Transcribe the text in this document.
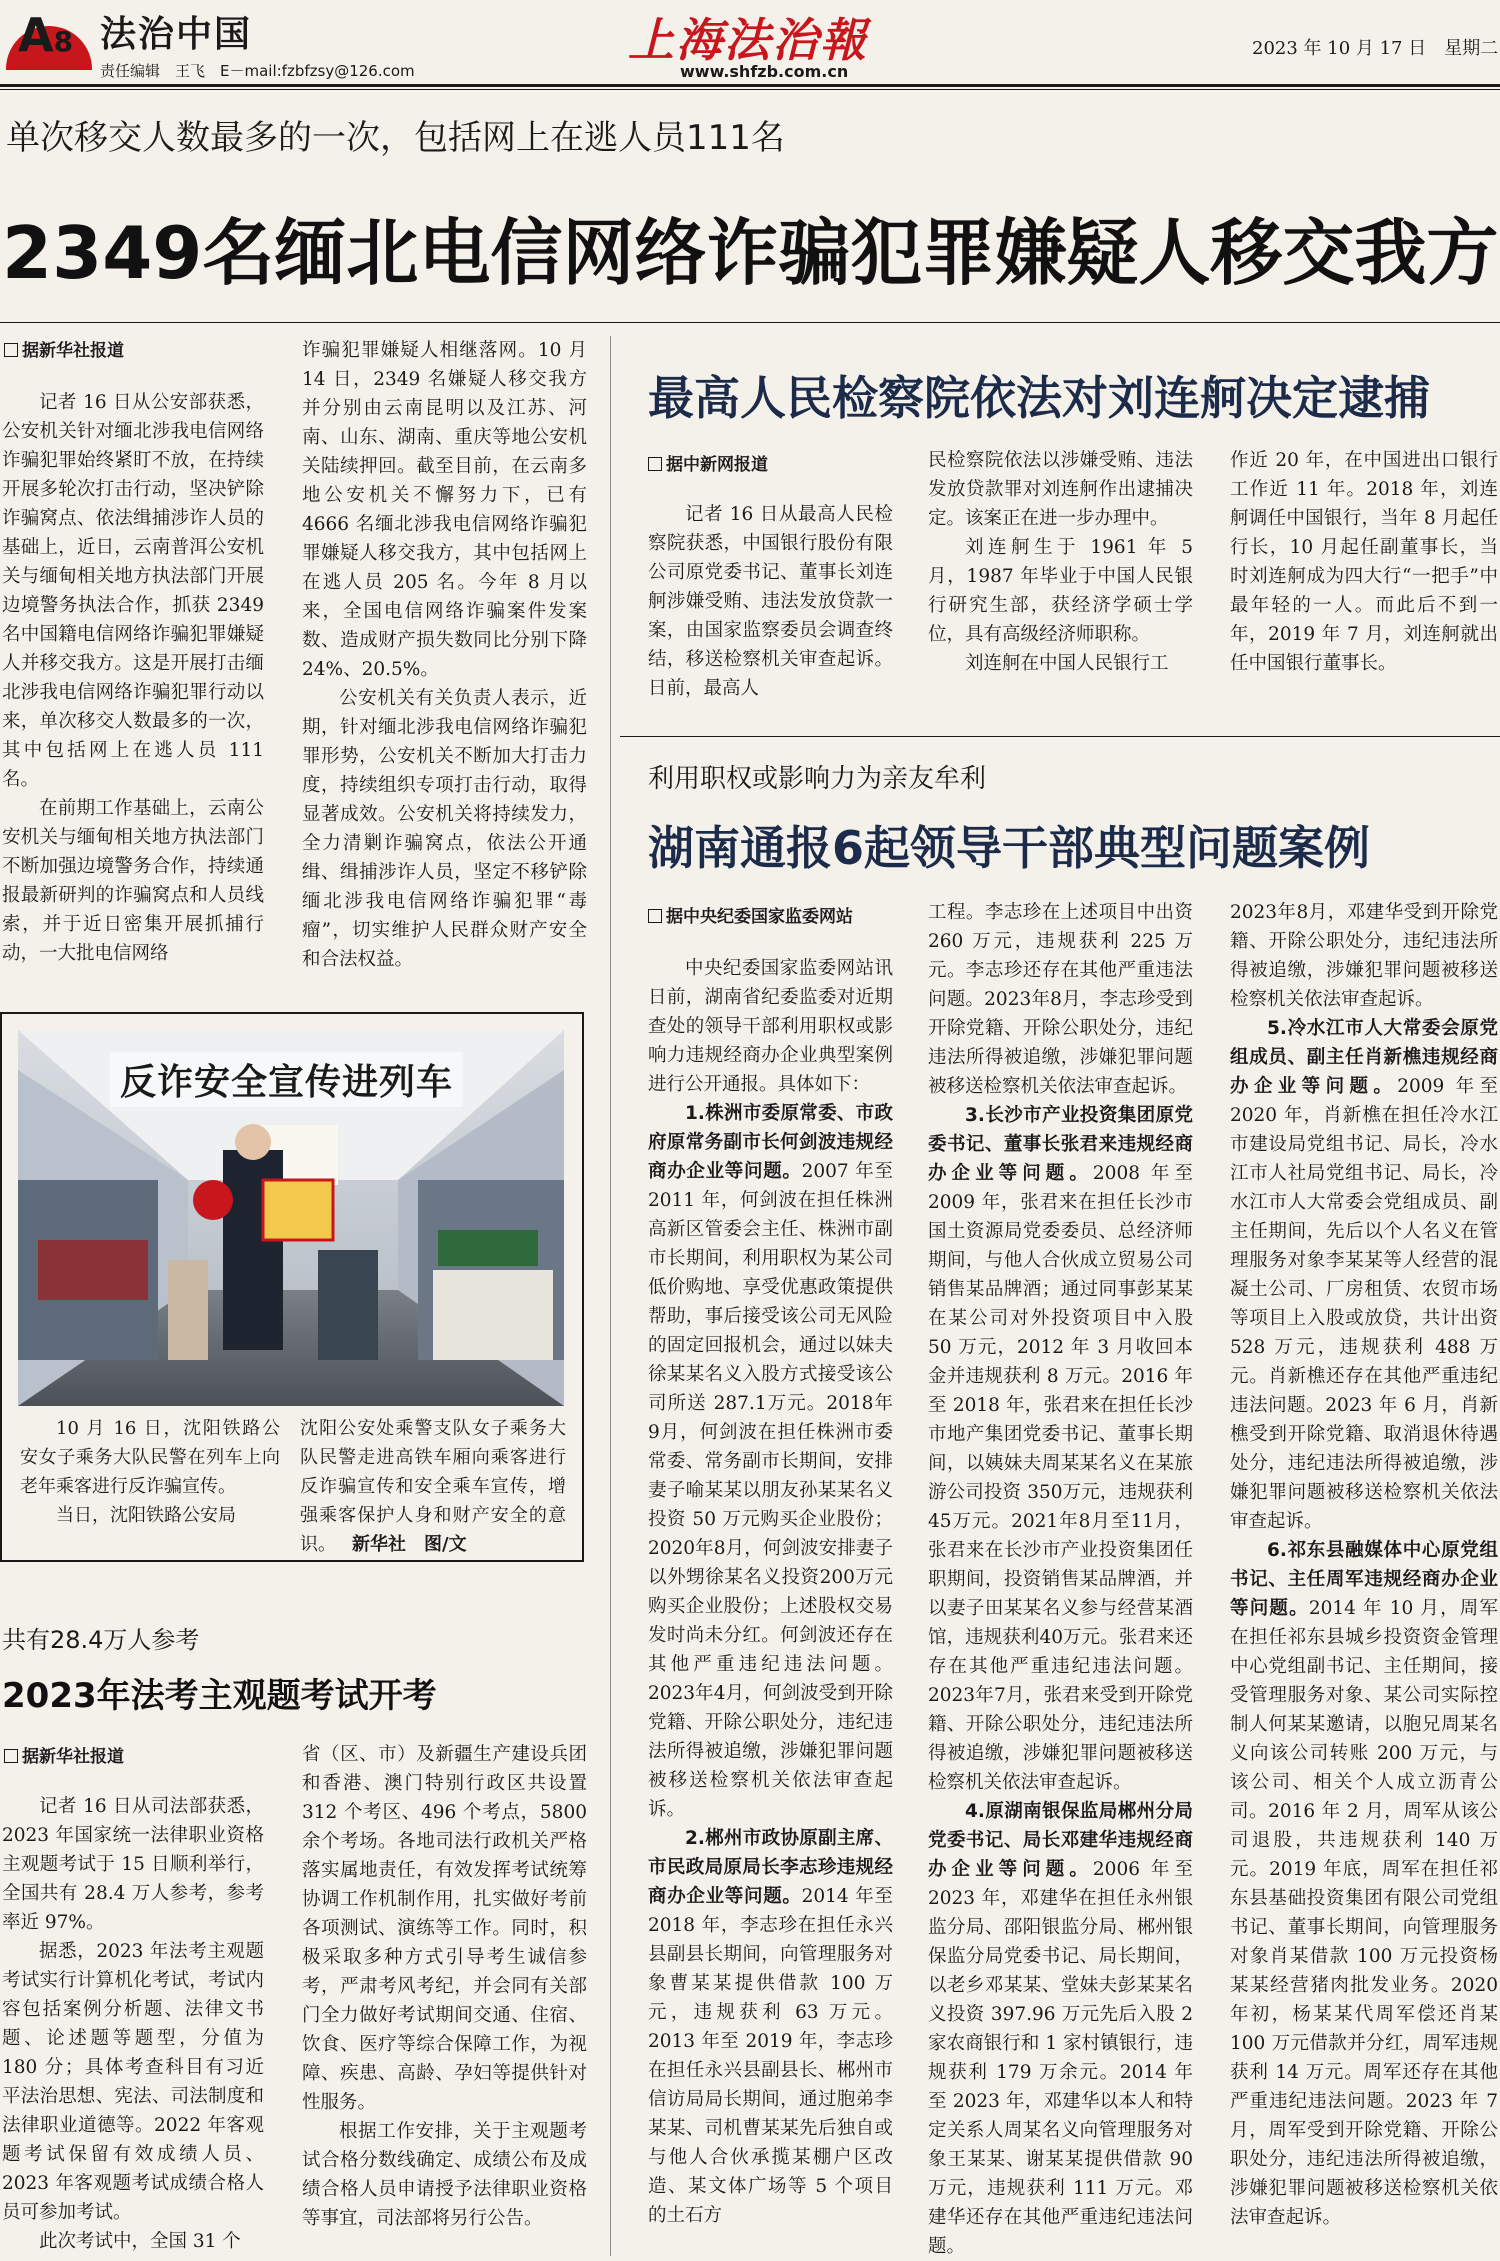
A8 法治中国
责任编辑　王飞　E－mail:fzbfzsy@126.com
上海法治報
www.shfzb.com.cn
2023 年 10 月 17 日　星期二
单次移交人数最多的一次，包括网上在逃人员111名
2349名缅北电信网络诈骗犯罪嫌疑人移交我方
据新华社报道

记者 16 日从公安部获悉，公安机关针对缅北涉我电信网络诈骗犯罪始终紧盯不放，在持续开展多轮次打击行动，坚决铲除诈骗窝点、依法缉捕涉诈人员的基础上，近日，云南普洱公安机关与缅甸相关地方执法部门开展边境警务执法合作，抓获 2349 名中国籍电信网络诈骗犯罪嫌疑人并移交我方。这是开展打击缅北涉我电信网络诈骗犯罪行动以来，单次移交人数最多的一次，其中包括网上在逃人员 111 名。

在前期工作基础上，云南公安机关与缅甸相关地方执法部门不断加强边境警务合作，持续通报最新研判的诈骗窝点和人员线索，并于近日密集开展抓捕行动，一大批电信网络

诈骗犯罪嫌疑人相继落网。10 月 14 日，2349 名嫌疑人移交我方并分别由云南昆明以及江苏、河南、山东、湖南、重庆等地公安机关陆续押回。截至目前，在云南多地公安机关不懈努力下，已有 4666 名缅北涉我电信网络诈骗犯罪嫌疑人移交我方，其中包括网上在逃人员 205 名。今年 8 月以来，全国电信网络诈骗案件发案数、造成财产损失数同比分别下降 24%、20.5%。

公安机关有关负责人表示，近期，针对缅北涉我电信网络诈骗犯罪形势，公安机关不断加大打击力度，持续组织专项打击行动，取得显著成效。公安机关将持续发力，全力清剿诈骗窝点，依法公开通缉、缉捕涉诈人员，坚定不移铲除缅北涉我电信网络诈骗犯罪“毒瘤”，切实维护人民群众财产安全和合法权益。

最高人民检察院依法对刘连舸决定逮捕
据中新网报道

记者 16 日从最高人民检察院获悉，中国银行股份有限公司原党委书记、董事长刘连舸涉嫌受贿、违法发放贷款一案，由国家监察委员会调查终结，移送检察机关审查起诉。日前，最高人

民检察院依法以涉嫌受贿、违法发放贷款罪对刘连舸作出逮捕决定。该案正在进一步办理中。

刘连舸生于 1961 年 5 月，1987 年毕业于中国人民银行研究生部，获经济学硕士学位，具有高级经济师职称。

刘连舸在中国人民银行工

作近 20 年，在中国进出口银行工作近 11 年。2018 年，刘连舸调任中国银行，当年 8 月起任行长，10 月起任副董事长，当时刘连舸成为四大行“一把手”中最年轻的一人。而此后不到一年，2019 年 7 月，刘连舸就出任中国银行董事长。

利用职权或影响力为亲友牟利
湖南通报6起领导干部典型问题案例
据中央纪委国家监委网站

中央纪委国家监委网站讯　日前，湖南省纪委监委对近期查处的领导干部利用职权或影响力违规经商办企业典型案例进行公开通报。具体如下：

1.株洲市委原常委、市政府原常务副市长何剑波违规经商办企业等问题。2007 年至 2011 年，何剑波在担任株洲高新区管委会主任、株洲市副市长期间，利用职权为某公司低价购地、享受优惠政策提供帮助，事后接受该公司无风险的固定回报机会，通过以妹夫徐某某名义入股方式接受该公司所送 287.1万元。2018年9月，何剑波在担任株洲市委常委、常务副市长期间，安排妻子喻某某以朋友孙某某名义投资 50 万元购买企业股份；2020年8月，何剑波安排妻子以外甥徐某名义投资200万元购买企业股份；上述股权交易发时尚未分红。何剑波还存在其他严重违纪违法问题。2023年4月，何剑波受到开除党籍、开除公职处分，违纪违法所得被追缴，涉嫌犯罪问题被移送检察机关依法审查起诉。

2.郴州市政协原副主席、市民政局原局长李志珍违规经商办企业等问题。2014 年至 2018 年，李志珍在担任永兴县副县长期间，向管理服务对象曹某某提供借款 100 万元，违规获利 63 万元。2013 年至 2019 年，李志珍在担任永兴县副县长、郴州市信访局局长期间，通过胞弟李某某、司机曹某某先后独自或与他人合伙承揽某棚户区改造、某文体广场等 5 个项目的土石方

工程。李志珍在上述项目中出资 260 万元，违规获利 225 万元。李志珍还存在其他严重违法问题。2023年8月，李志珍受到开除党籍、开除公职处分，违纪违法所得被追缴，涉嫌犯罪问题被移送检察机关依法审查起诉。

3.长沙市产业投资集团原党委书记、董事长张君来违规经商办企业等问题。2008 年至 2009 年，张君来在担任长沙市国土资源局党委委员、总经济师期间，与他人合伙成立贸易公司销售某品牌酒；通过同事彭某某在某公司对外投资项目中入股 50 万元，2012 年 3 月收回本金并违规获利 8 万元。2016 年至 2018 年，张君来在担任长沙市地产集团党委书记、董事长期间，以姨妹夫周某某名义在某旅游公司投资 350万元，违规获利45万元。2021年8月至11月，张君来在长沙市产业投资集团任职期间，投资销售某品牌酒，并以妻子田某某名义参与经营某酒馆，违规获利40万元。张君来还存在其他严重违纪违法问题。2023年7月，张君来受到开除党籍、开除公职处分，违纪违法所得被追缴，涉嫌犯罪问题被移送检察机关依法审查起诉。

4.原湖南银保监局郴州分局党委书记、局长邓建华违规经商办企业等问题。2006 年至 2023 年，邓建华在担任永州银监分局、邵阳银监分局、郴州银保监分局党委书记、局长期间，以老乡邓某某、堂妹夫彭某某名义投资 397.96 万元先后入股 2 家农商银行和 1 家村镇银行，违规获利 179 万余元。2014 年至 2023 年，邓建华以本人和特定关系人周某名义向管理服务对象王某某、谢某某提供借款 90 万元，违规获利 111 万元。邓建华还存在其他严重违纪违法问题。

2023年8月，邓建华受到开除党籍、开除公职处分，违纪违法所得被追缴，涉嫌犯罪问题被移送检察机关依法审查起诉。

5.冷水江市人大常委会原党组成员、副主任肖新樵违规经商办企业等问题。2009 年至 2020 年，肖新樵在担任冷水江市建设局党组书记、局长，冷水江市人社局党组书记、局长，冷水江市人大常委会党组成员、副主任期间，先后以个人名义在管理服务对象李某某等人经营的混凝土公司、厂房租赁、农贸市场等项目上入股或放贷，共计出资 528 万元，违规获利 488 万元。肖新樵还存在其他严重违纪违法问题。2023 年 6 月，肖新樵受到开除党籍、取消退休待遇处分，违纪违法所得被追缴，涉嫌犯罪问题被移送检察机关依法审查起诉。

6.祁东县融媒体中心原党组书记、主任周军违规经商办企业等问题。2014 年 10 月，周军在担任祁东县城乡投资资金管理中心党组副书记、主任期间，接受管理服务对象、某公司实际控制人何某某邀请，以胞兄周某名义向该公司转账 200 万元，与该公司、相关个人成立沥青公司。2016 年 2 月，周军从该公司退股，共违规获利 140 万元。2019 年底，周军在担任祁东县基础投资集团有限公司党组书记、董事长期间，向管理服务对象肖某借款 100 万元投资杨某某经营猪肉批发业务。2020 年初，杨某某代周军偿还肖某 100 万元借款并分红，周军违规获利 14 万元。周军还存在其他严重违纪违法问题。2023 年 7 月，周军受到开除党籍、开除公职处分，违纪违法所得被追缴，涉嫌犯罪问题被移送检察机关依法审查起诉。

反诈安全宣传进列车

10 月 16 日，沈阳铁路公安女子乘务大队民警在列车上向老年乘客进行反诈骗宣传。

当日，沈阳铁路公安局

沈阳公安处乘警支队女子乘务大队民警走进高铁车厢向乘客进行反诈骗宣传和安全乘车宣传，增强乘客保护人身和财产安全的意识。 新华社　图/文
共有28.4万人参考
2023年法考主观题考试开考
据新华社报道

记者 16 日从司法部获悉，2023 年国家统一法律职业资格主观题考试于 15 日顺利举行，全国共有 28.4 万人参考，参考率近 97%。

据悉，2023 年法考主观题考试实行计算机化考试，考试内容包括案例分析题、法律文书题、论述题等题型，分值为 180 分；具体考查科目有习近平法治思想、宪法、司法制度和法律职业道德等。2022 年客观题考试保留有效成绩人员、2023 年客观题考试成绩合格人员可参加考试。

此次考试中，全国 31 个

省（区、市）及新疆生产建设兵团和香港、澳门特别行政区共设置 312 个考区、496 个考点，5800 余个考场。各地司法行政机关严格落实属地责任，有效发挥考试统筹协调工作机制作用，扎实做好考前各项测试、演练等工作。同时，积极采取多种方式引导考生诚信参考，严肃考风考纪，并会同有关部门全力做好考试期间交通、住宿、饮食、医疗等综合保障工作，为视障、疾患、高龄、孕妇等提供针对性服务。

根据工作安排，关于主观题考试合格分数线确定、成绩公布及成绩合格人员申请授予法律职业资格等事宜，司法部将另行公告。
